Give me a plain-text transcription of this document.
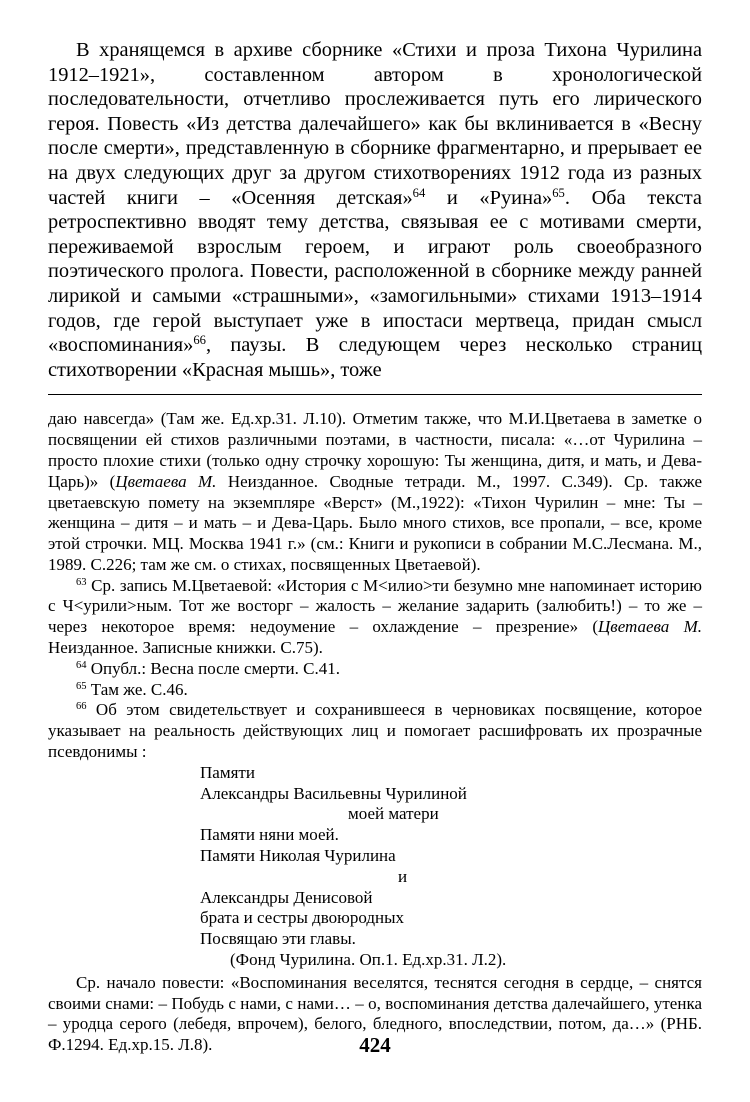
В хранящемся в архиве сборнике «Стихи и проза Тихона Чурилина 1912–1921», составленном автором в хронологической последовательности, отчетливо прослеживается путь его лирического героя. Повесть «Из детства далечайшего» как бы вклинивается в «Весну после смерти», представленную в сборнике фрагментарно, и прерывает ее на двух следующих друг за другом стихотворениях 1912 года из разных частей книги – «Осенняя детская»$^{64}$ и «Руина»$^{65}$. Оба текста ретроспективно вводят тему детства, связывая ее с мотивами смерти, переживаемой взрослым героем, и играют роль своеобразного поэтического пролога. Повести, расположенной в сборнике между ранней лирикой и самыми «страшными», «замогильными» стихами 1913–1914 годов, где герой выступает уже в ипостаси мертвеца, придан смысл «воспоминания»$^{66}$, паузы. В следующем через несколько страниц стихотворении «Красная мышь», тоже

даю навсегда» (Там же. Ед.хр.31. Л.10). Отметим также, что М.И.Цветаева в заметке о посвящении ей стихов различными поэтами, в частности, писала: «…от Чурилина – просто плохие стихи (только одну строчку хорошую: Ты женщина, дитя, и мать, и Дева-Царь)» (Цветаева М. Неизданное. Сводные тетради. М., 1997. С.349). Ср. также цветаевскую помету на экземпляре «Верст» (М.,1922): «Тихон Чурилин – мне: Ты – женщина – дитя – и мать – и Дева-Царь. Было много стихов, все пропали, – все, кроме этой строчки. МЦ. Москва 1941 г.» (см.: Книги и рукописи в собрании М.С.Лесмана. М., 1989. С.226; там же см. о стихах, посвященных Цветаевой).

$^{63}$ Ср. запись М.Цветаевой: «История с М<илио>ти безумно мне напоминает историю с Ч<урили>ным. Тот же восторг – жалость – желание задарить (залюбить!) – то же – через некоторое время: недоумение – охлаждение – презрение» (Цветаева М. Неизданное. Записные книжки. С.75).

$^{64}$ Опубл.: Весна после смерти. С.41.

$^{65}$ Там же. С.46.

$^{66}$ Об этом свидетельствует и сохранившееся в черновиках посвящение, которое указывает на реальность действующих лиц и помогает расшифровать их прозрачные псевдонимы :

Памяти
Александры Васильевны Чурилиной
моей матери
Памяти няни моей.
Памяти Николая Чурилина
и
Александры Денисовой
брата и сестры двоюродных
Посвящаю эти главы.
(Фонд Чурилина. Оп.1. Ед.хр.31. Л.2).

Ср. начало повести: «Воспоминания веселятся, теснятся сегодня в сердце, – снятся своими снами: – Побудь с нами, с нами… – о, воспоминания детства далечайшего, утенка – уродца серого (лебедя, впрочем), белого, бледного, впоследствии, потом, да…» (РНБ. Ф.1294. Ед.хр.15. Л.8).	424
